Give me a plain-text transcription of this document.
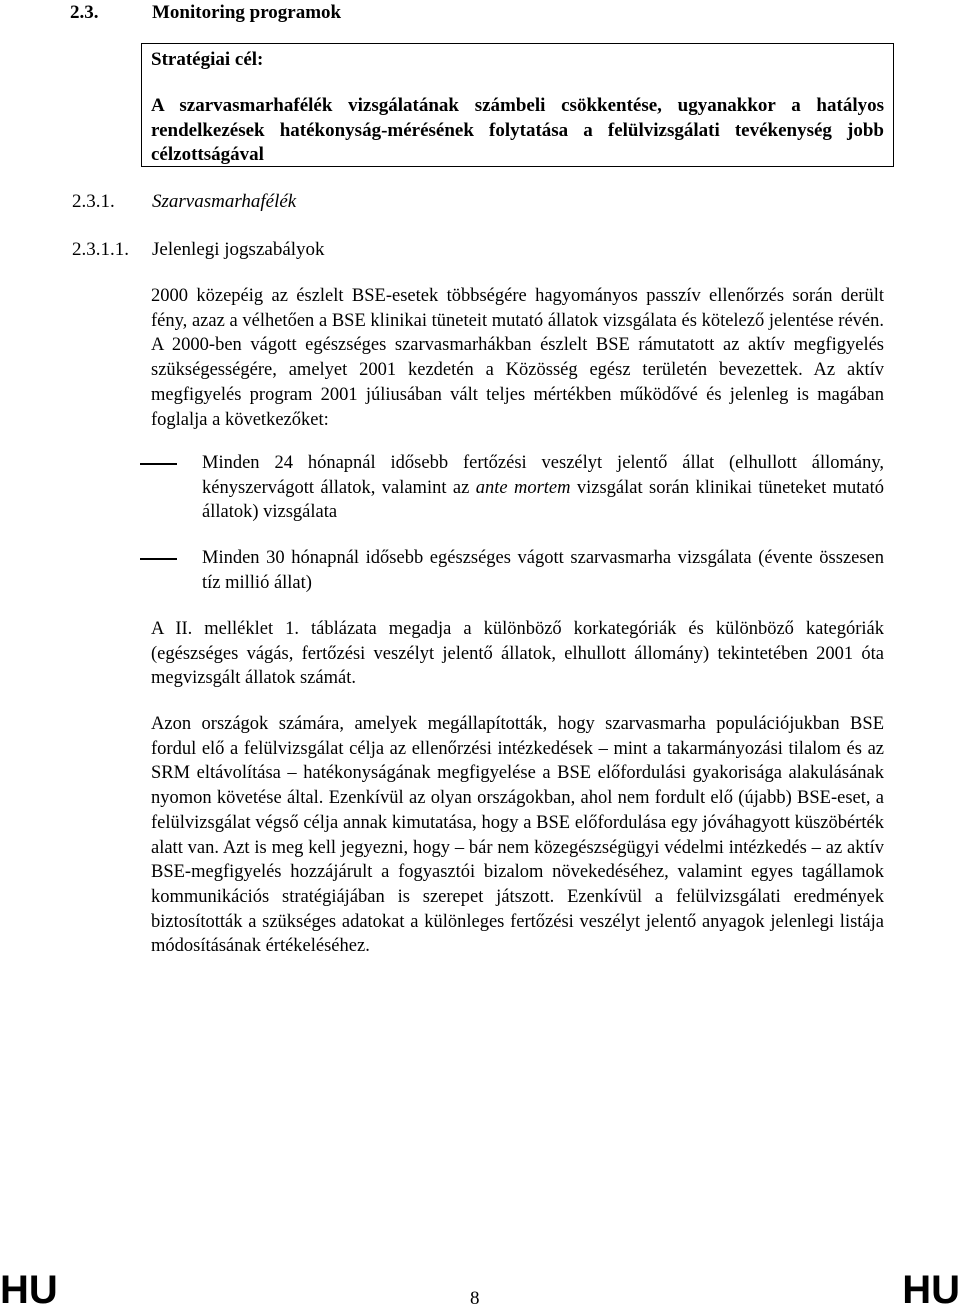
2.3.	Monitoring programok
Stratégiai cél:
A szarvasmarhafélék vizsgálatának számbeli csökkentése, ugyanakkor a hatályos rendelkezések hatékonyság-mérésének folytatása a felülvizsgálati tevékenység jobb célzottságával
2.3.1. Szarvasmarhafélék
2.3.1.1. Jelenlegi jogszabályok
2000 közepéig az észlelt BSE-esetek többségére hagyományos passzív ellenőrzés során derült fény, azaz a vélhetően a BSE klinikai tüneteit mutató állatok vizsgálata és kötelező jelentése révén. A 2000-ben vágott egészséges szarvasmarhákban észlelt BSE rámutatott az aktív megfigyelés szükségességére, amelyet 2001 kezdetén a Közösség egész területén bevezettek. Az aktív megfigyelés program 2001 júliusában vált teljes mértékben működővé és jelenleg is magában foglalja a következőket:
Minden 24 hónapnál idősebb fertőzési veszélyt jelentő állat (elhullott állomány, kényszervágott állatok, valamint az ante mortem vizsgálat során klinikai tüneteket mutató állatok) vizsgálata
Minden 30 hónapnál idősebb egészséges vágott szarvasmarha vizsgálata (évente összesen tíz millió állat)
A II. melléklet 1. táblázata megadja a különböző korkategóriák és különböző kategóriák (egészséges vágás, fertőzési veszélyt jelentő állatok, elhullott állomány) tekintetében 2001 óta megvizsgált állatok számát.
Azon országok számára, amelyek megállapították, hogy szarvasmarha populációjukban BSE fordul elő a felülvizsgálat célja az ellenőrzési intézkedések – mint a takarmányozási tilalom és az SRM eltávolítása – hatékonyságának megfigyelése a BSE előfordulási gyakorisága alakulásának nyomon követése által. Ezenkívül az olyan országokban, ahol nem fordult elő (újabb) BSE-eset, a felülvizsgálat végső célja annak kimutatása, hogy a BSE előfordulása egy jóváhagyott küszöbérték alatt van. Azt is meg kell jegyezni, hogy – bár nem közegészségügyi védelmi intézkedés – az aktív BSE-megfigyelés hozzájárult a fogyasztói bizalom növekedéséhez, valamint egyes tagállamok kommunikációs stratégiájában is szerepet játszott. Ezenkívül a felülvizsgálati eredmények biztosították a szükséges adatokat a különleges fertőzési veszélyt jelentő anyagok jelenlegi listája módosításának értékeléséhez.
HU	8	HU
